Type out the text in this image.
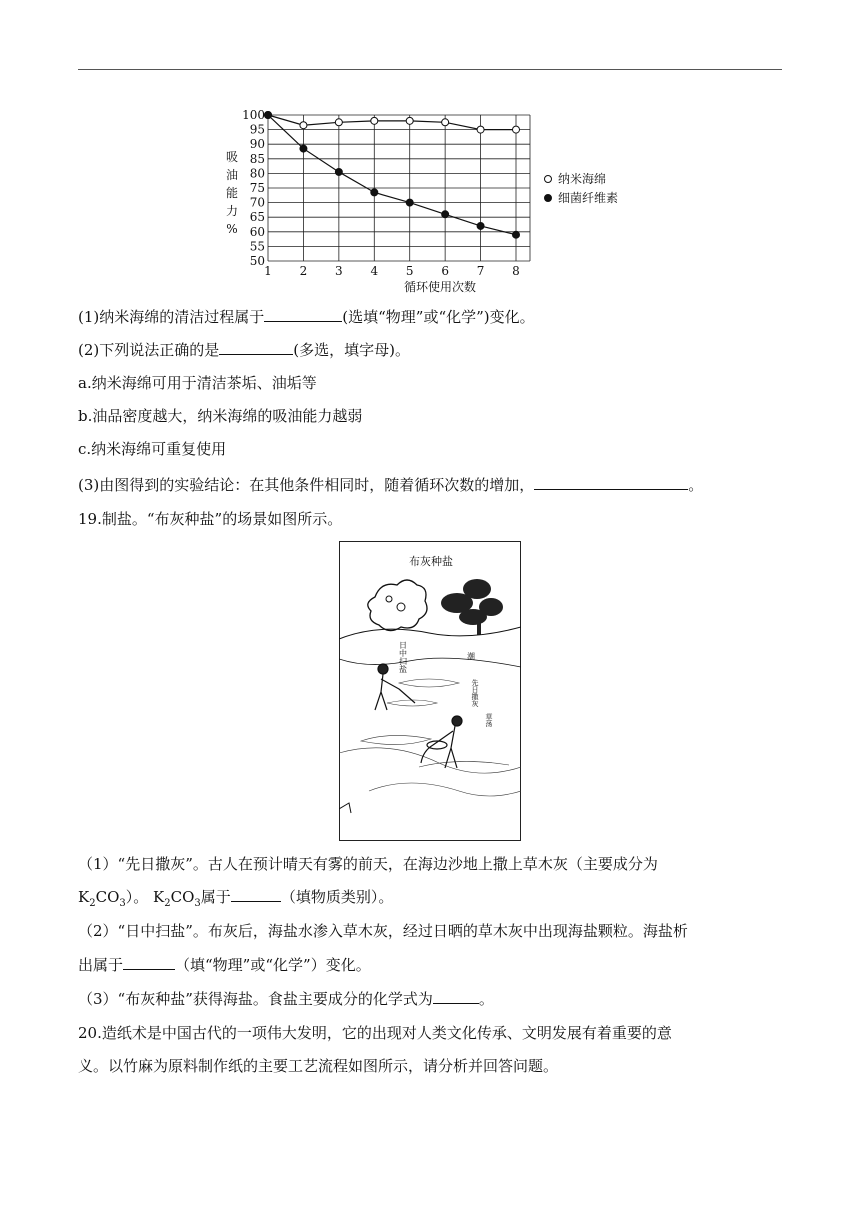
吸
油
能
力
%
100
95
90
85
80
75
70
65
60
55
50
1 2 3 4 5 6 7 8
循环使用次数
纳米海绵
细菌纤维素
(1)纳米海绵的清洁过程属于	(选填“物理”或“化学”)变化。
(2)下列说法正确的是	(多选，填字母)。
a.纳米海绵可用于清洁茶垢、油垢等
b.油品密度越大，纳米海绵的吸油能力越弱
c.纳米海绵可重复使用
(3)由图得到的实验结论：在其他条件相同时，随着循环次数的增加，	。
19.制盐。“布灰种盐”的场景如图所示。
布灰种盐
日中扫盐	潮
先日撒灰
草荡
（1）“先日撒灰”。古人在预计晴天有雾的前天，在海边沙地上撒上草木灰（主要成分为
$K_2CO_3$）。 $K_2CO_3$属于	（填物质类别）。
（2）“日中扫盐”。布灰后，海盐水渗入草木灰，经过日晒的草木灰中出现海盐颗粒。海盐析
出属于	（填“物理”或“化学”）变化。
（3）“布灰种盐”获得海盐。食盐主要成分的化学式为	。
20.造纸术是中国古代的一项伟大发明，它的出现对人类文化传承、文明发展有着重要的意
义。以竹麻为原料制作纸的主要工艺流程如图所示，请分析并回答问题。
